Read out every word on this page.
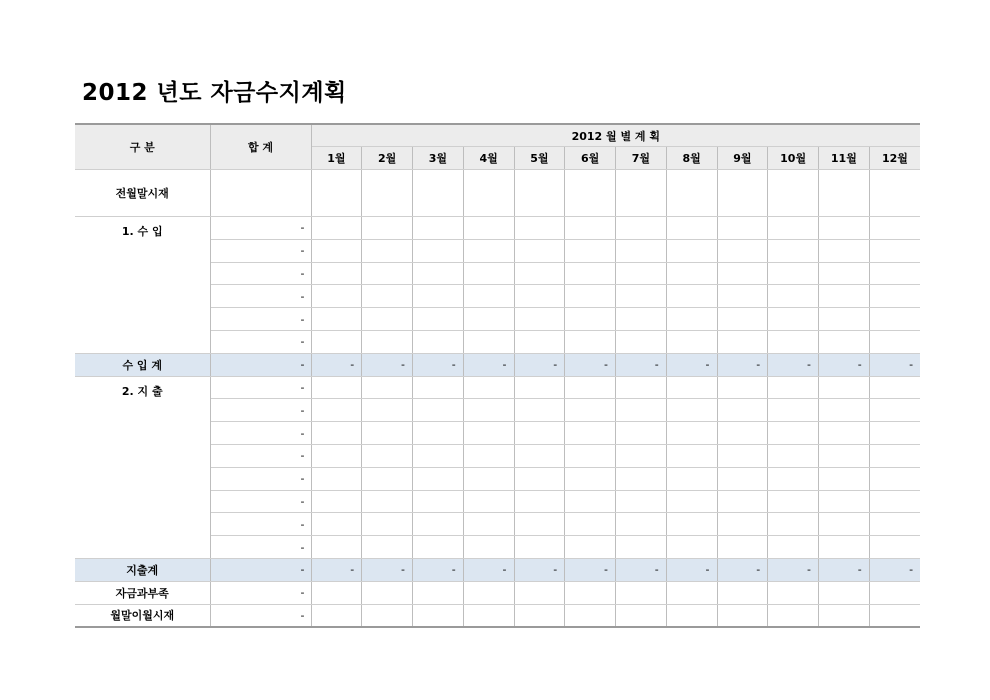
2012 년도 자금수지계획
구 분	합 계	2012 월 별 계 획											
		1월	2월	3월	4월	5월	6월	7월	8월	9월	10월	11월	12월
전월말시재													
1. 수 입	-												
	-												
	-												
	-												
	-												
	-												
수 입 계	-	-	-	-	-	-	-	-	-	-	-	-	-
2. 지 출	-												
	-												
	-												
	-												
	-												
	-												
	-												
	-												
지출계	-	-	-	-	-	-	-	-	-	-	-	-	-
자금과부족	-												
월말이월시재	-												
